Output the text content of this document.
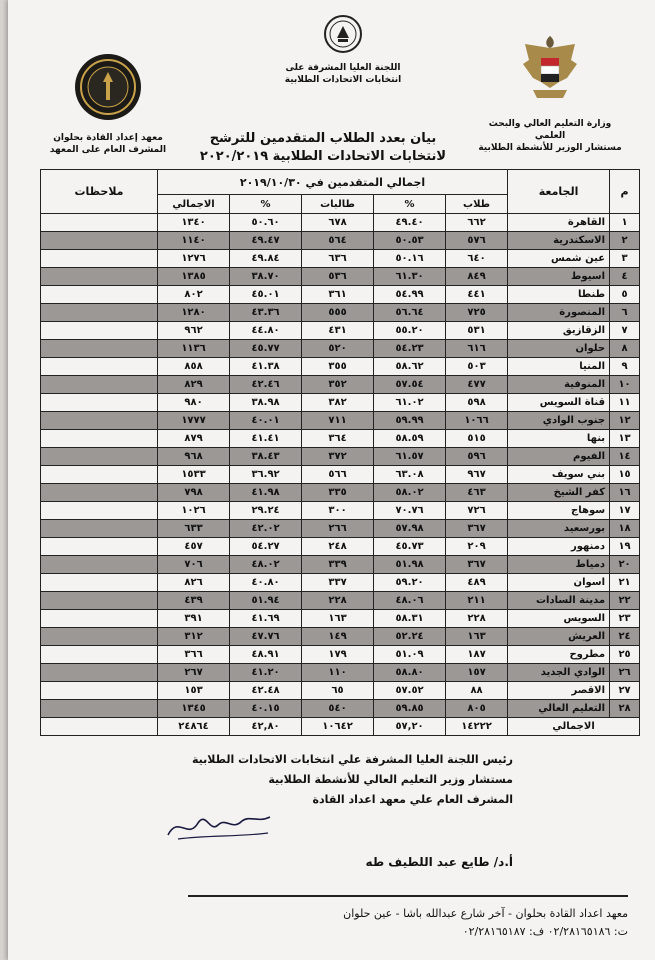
وزارة التعليم العالي والبحث العلمي
مستشار الوزير للأنشطة الطلابية
اللجنة العليا المشرفة على
انتخابات الاتحادات الطلابية
معهد إعداد القادة بحلوان
المشرف العام على المعهد
بيان بعدد الطلاب المتقدمين للترشح
لانتخابات الاتحادات الطلابية ٢٠٢٠/٢٠١٩
م	الجامعة	اجمالي المتقدمين في ٢٠١٩/١٠/٣٠					ملاحظات
		طلاب	%	طالبات	%	الاجمالي	
١	القاهرة	٦٦٢	٤٩.٤٠	٦٧٨	٥٠.٦٠	١٣٤٠	
٢	الاسكندرية	٥٧٦	٥٠.٥٣	٥٦٤	٤٩.٤٧	١١٤٠	
٣	عين شمس	٦٤٠	٥٠.١٦	٦٣٦	٤٩.٨٤	١٢٧٦	
٤	اسيوط	٨٤٩	٦١.٣٠	٥٣٦	٣٨.٧٠	١٣٨٥	
٥	طنطا	٤٤١	٥٤.٩٩	٣٦١	٤٥.٠١	٨٠٢	
٦	المنصورة	٧٢٥	٥٦.٦٤	٥٥٥	٤٣.٣٦	١٢٨٠	
٧	الزقازيق	٥٣١	٥٥.٢٠	٤٣١	٤٤.٨٠	٩٦٢	
٨	حلوان	٦١٦	٥٤.٢٣	٥٢٠	٤٥.٧٧	١١٣٦	
٩	المنيا	٥٠٣	٥٨.٦٢	٣٥٥	٤١.٣٨	٨٥٨	
١٠	المنوفية	٤٧٧	٥٧.٥٤	٣٥٢	٤٢.٤٦	٨٢٩	
١١	قناة السويس	٥٩٨	٦١.٠٢	٣٨٢	٣٨.٩٨	٩٨٠	
١٢	جنوب الوادي	١٠٦٦	٥٩.٩٩	٧١١	٤٠.٠١	١٧٧٧	
١٣	بنها	٥١٥	٥٨.٥٩	٣٦٤	٤١.٤١	٨٧٩	
١٤	الفيوم	٥٩٦	٦١.٥٧	٣٧٢	٣٨.٤٣	٩٦٨	
١٥	بني سويف	٩٦٧	٦٣.٠٨	٥٦٦	٣٦.٩٢	١٥٣٣	
١٦	كفر الشيخ	٤٦٣	٥٨.٠٢	٣٣٥	٤١.٩٨	٧٩٨	
١٧	سوهاج	٧٢٦	٧٠.٧٦	٣٠٠	٢٩.٢٤	١٠٢٦	
١٨	بورسعيد	٣٦٧	٥٧.٩٨	٢٦٦	٤٢.٠٢	٦٣٣	
١٩	دمنهور	٢٠٩	٤٥.٧٣	٢٤٨	٥٤.٢٧	٤٥٧	
٢٠	دمياط	٣٦٧	٥١.٩٨	٣٣٩	٤٨.٠٢	٧٠٦	
٢١	اسوان	٤٨٩	٥٩.٢٠	٣٣٧	٤٠.٨٠	٨٢٦	
٢٢	مدينة السادات	٢١١	٤٨.٠٦	٢٢٨	٥١.٩٤	٤٣٩	
٢٣	السويس	٢٢٨	٥٨.٣١	١٦٣	٤١.٦٩	٣٩١	
٢٤	العريش	١٦٣	٥٢.٢٤	١٤٩	٤٧.٧٦	٣١٢	
٢٥	مطروح	١٨٧	٥١.٠٩	١٧٩	٤٨.٩١	٣٦٦	
٢٦	الوادي الجديد	١٥٧	٥٨.٨٠	١١٠	٤١.٢٠	٢٦٧	
٢٧	الاقصر	٨٨	٥٧.٥٢	٦٥	٤٢.٤٨	١٥٣	
٢٨	التعليم العالي	٨٠٥	٥٩.٨٥	٥٤٠	٤٠.١٥	١٣٤٥	
الاجمالي		١٤٢٢٢	٥٧,٢٠	١٠٦٤٢	٤٢,٨٠	٢٤٨٦٤	
رئيس اللجنة العليا المشرفة علي انتخابات الاتحادات الطلابية
مستشار وزير التعليم العالي للأنشطة الطلابية
المشرف العام علي معهد اعداد القادة
أ.د/ طايع عبد اللطيف طه
معهد اعداد القادة بحلوان - آخر شارع عبدالله باشا - عين حلوان
ت: ٠٢/٢٨١٦٥١٨٦ ف: ٠٢/٢٨١٦٥١٨٧
